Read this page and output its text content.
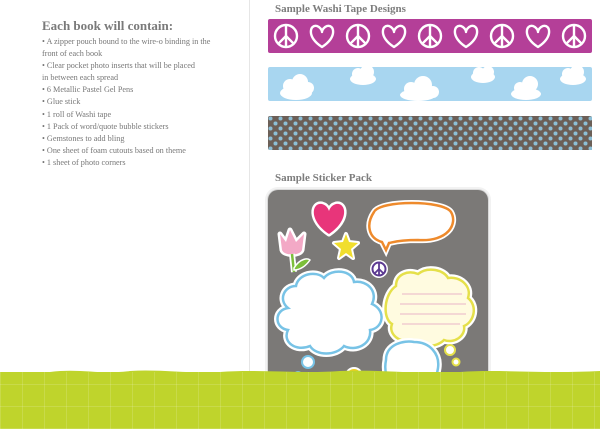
Each book will contain:
• A zipper pouch bound to the wire-o binding in the
front of each book
• Clear pocket photo inserts that will be placed
in between each spread
• 6 Metallic Pastel Gel Pens
• Glue stick
• 1 roll of Washi tape
• 1 Pack of word/quote bubble stickers
• Gemstones to add bling
• One sheet of foam cutouts based on theme
• 1 sheet of photo corners
Sample Washi Tape Designs
Sample Sticker Pack
